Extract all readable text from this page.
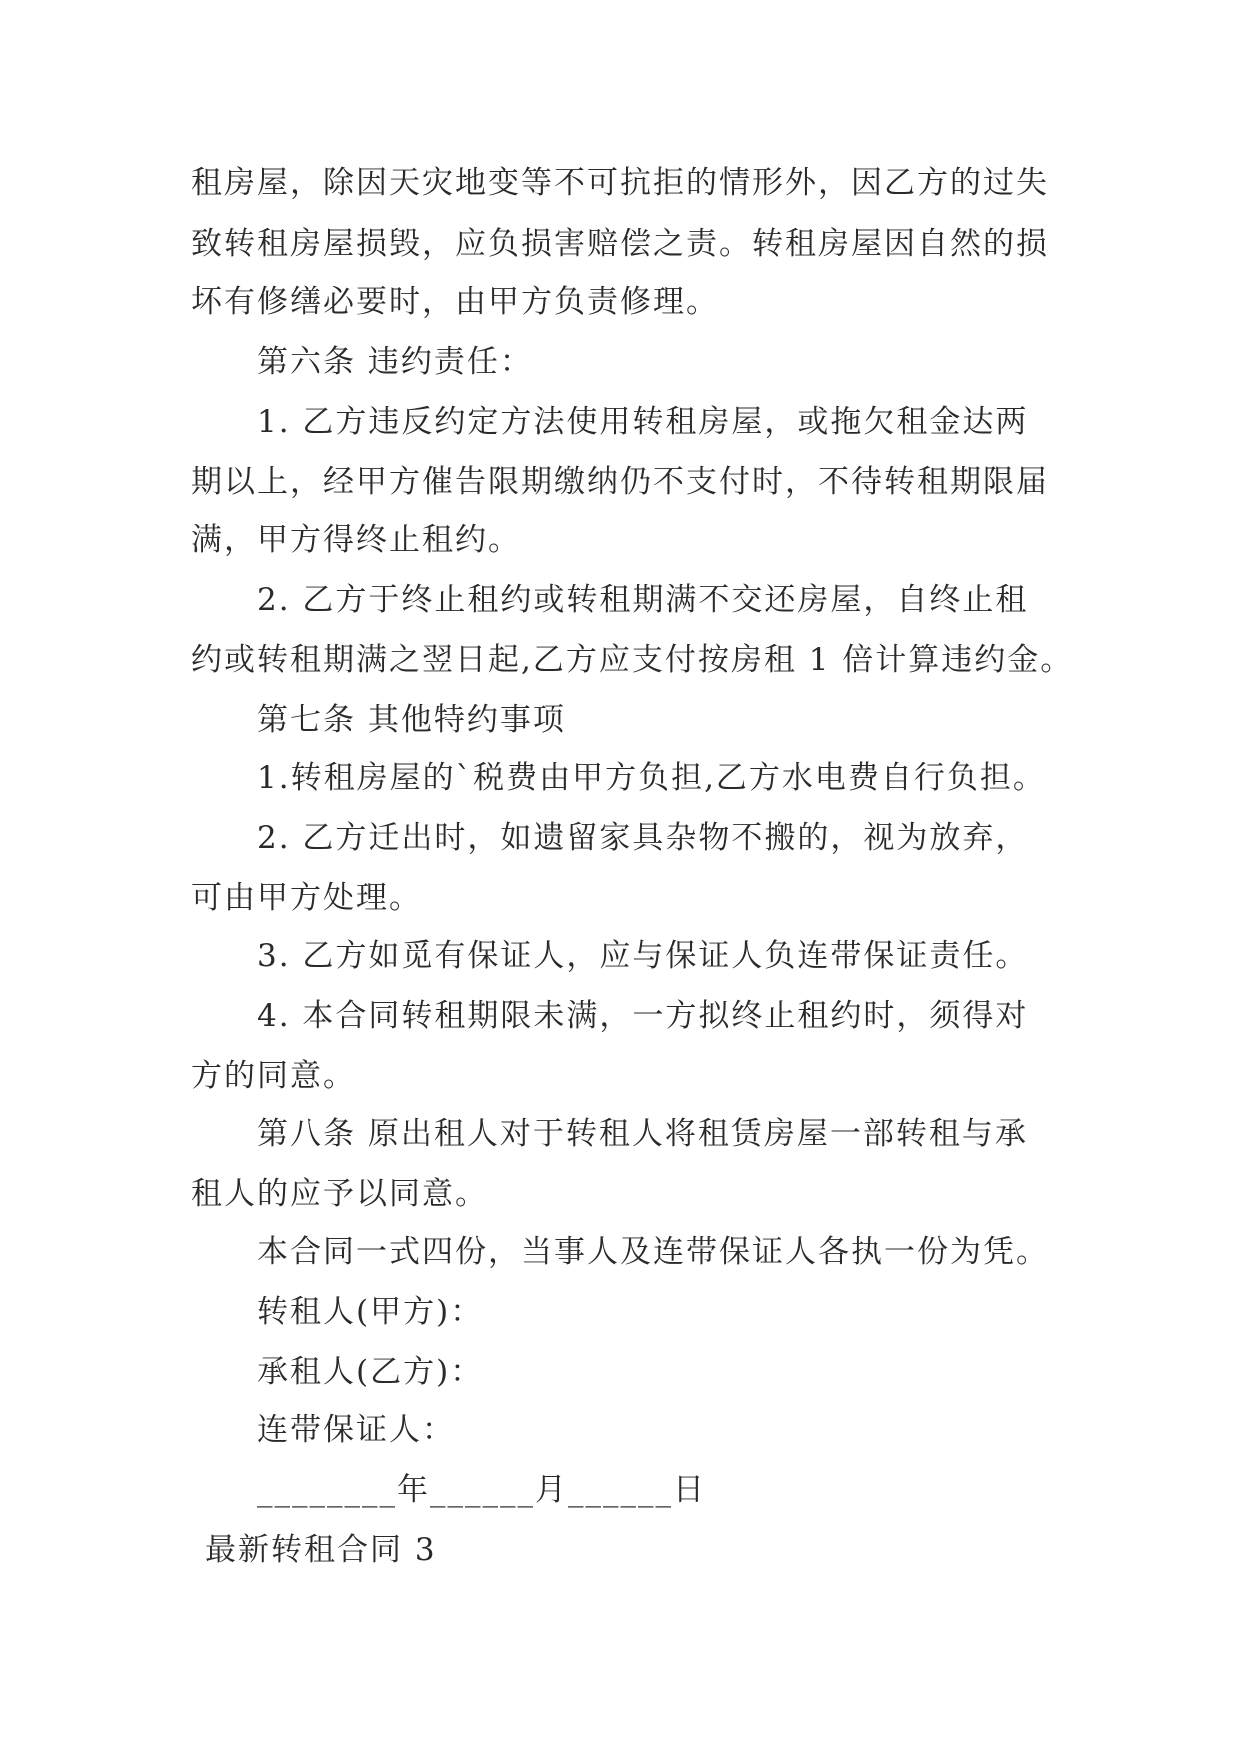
租房屋，除因天灾地变等不可抗拒的情形外，因乙方的过失
致转租房屋损毁，应负损害赔偿之责。转租房屋因自然的损
坏有修缮必要时，由甲方负责修理。
第六条 违约责任：
1. 乙方违反约定方法使用转租房屋，或拖欠租金达两
期以上，经甲方催告限期缴纳仍不支付时，不待转租期限届
满，甲方得终止租约。
2. 乙方于终止租约或转租期满不交还房屋，自终止租
约或转租期满之翌日起,乙方应支付按房租 1 倍计算违约金。
第七条 其他特约事项
1.转租房屋的`税费由甲方负担,乙方水电费自行负担。
2. 乙方迁出时，如遗留家具杂物不搬的，视为放弃，
可由甲方处理。
3. 乙方如觅有保证人，应与保证人负连带保证责任。
4. 本合同转租期限未满，一方拟终止租约时，须得对
方的同意。
第八条 原出租人对于转租人将租赁房屋一部转租与承
租人的应予以同意。
本合同一式四份，当事人及连带保证人各执一份为凭。
转租人(甲方)：
承租人(乙方)：
连带保证人：
________年______月______日
最新转租合同 3
